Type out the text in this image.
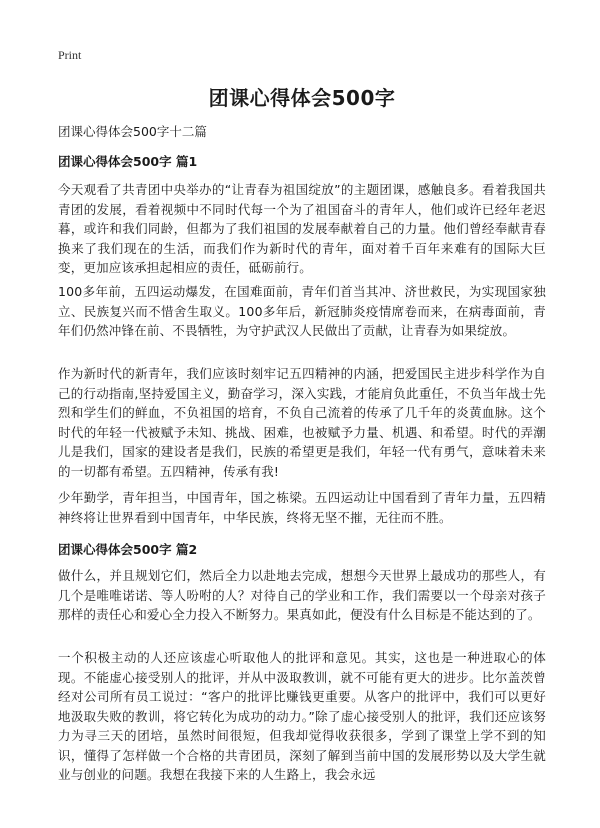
Print
团课心得体会500字

团课心得体会500字十二篇

团课心得体会500字 篇1

今天观看了共青团中央举办的“让青春为祖国绽放”的主题团课，感触良多。看着我国共青团的发展，看着视频中不同时代每一个为了祖国奋斗的青年人，他们或许已经年老迟暮，或许和我们同龄，但都为了我们祖国的发展奉献着自己的力量。他们曾经奉献青春换来了我们现在的生活，而我们作为新时代的青年，面对着千百年来难有的国际大巨变，更加应该承担起相应的责任，砥砺前行。

100多年前，五四运动爆发，在国难面前，青年们首当其冲、济世救民，为实现国家独立、民族复兴而不惜舍生取义。100多年后，新冠肺炎疫情席卷而来，在病毒面前，青年们仍然冲锋在前、不畏牺牲，为守护武汉人民做出了贡献，让青春为如果绽放。

作为新时代的新青年，我们应该时刻牢记五四精神的内涵，把爱国民主进步科学作为自己的行动指南,坚持爱国主义，勤奋学习，深入实践，才能肩负此重任，不负当年战士先烈和学生们的鲜血，不负祖国的培育，不负自己流着的传承了几千年的炎黄血脉。这个时代的年轻一代被赋予未知、挑战、困难，也被赋予力量、机遇、和希望。时代的弄潮儿是我们，国家的建设者是我们，民族的希望更是我们，年轻一代有勇气，意味着未来的一切都有希望。五四精神，传承有我!

少年勤学，青年担当，中国青年，国之栋梁。五四运动让中国看到了青年力量，五四精神终将让世界看到中国青年，中华民族，终将无坚不摧，无往而不胜。

团课心得体会500字 篇2

做什么，并且规划它们，然后全力以赴地去完成，想想今天世界上最成功的那些人，有几个是唯唯诺诺、等人吩咐的人？对待自己的学业和工作，我们需要以一个母亲对孩子那样的责任心和爱心全力投入不断努力。果真如此，便没有什么目标是不能达到的了。

一个积极主动的人还应该虚心听取他人的批评和意见。其实，这也是一种进取心的体现。不能虚心接受别人的批评，并从中汲取教训，就不可能有更大的进步。比尔盖茨曾经对公司所有员工说过：“客户的批评比赚钱更重要。从客户的批评中，我们可以更好地汲取失败的教训，将它转化为成功的动力。”除了虚心接受别人的批评，我们还应该努力为寻三天的团培，虽然时间很短，但我却觉得收获很多，学到了课堂上学不到的知识，懂得了怎样做一个合格的共青团员，深刻了解到当前中国的发展形势以及大学生就业与创业的问题。我想在我接下来的人生路上，我会永远
